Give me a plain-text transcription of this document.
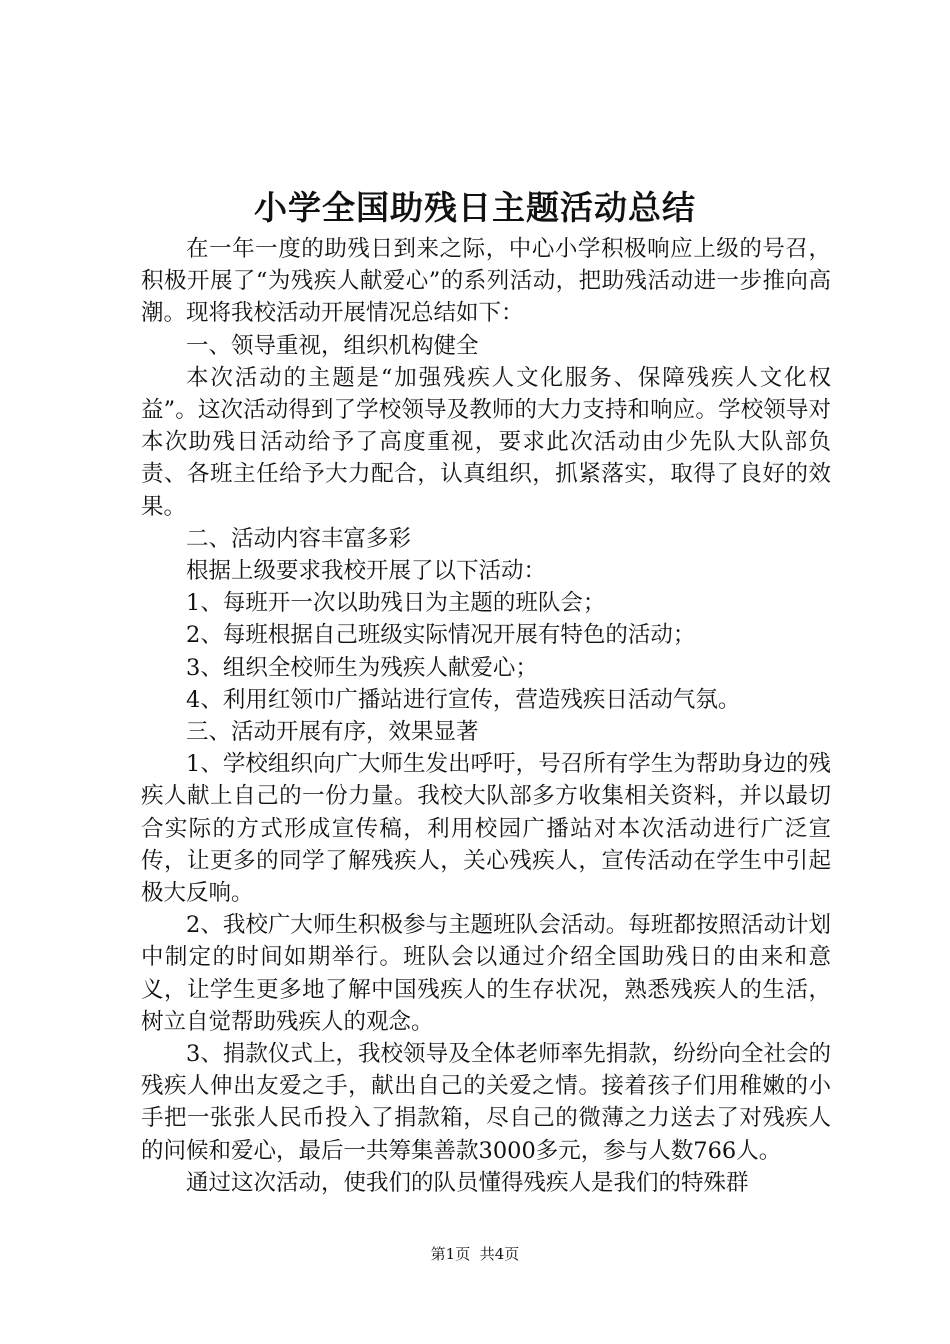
小学全国助残日主题活动总结

在一年一度的助残日到来之际，中心小学积极响应上级的号召，积极开展了“为残疾人献爱心”的系列活动，把助残活动进一步推向高潮。现将我校活动开展情况总结如下：

一、领导重视，组织机构健全

本次活动的主题是“加强残疾人文化服务、保障残疾人文化权益”。这次活动得到了学校领导及教师的大力支持和响应。学校领导对本次助残日活动给予了高度重视，要求此次活动由少先队大队部负责、各班主任给予大力配合，认真组织，抓紧落实，取得了良好的效果。

二、活动内容丰富多彩

根据上级要求我校开展了以下活动：

1、每班开一次以助残日为主题的班队会；

2、每班根据自己班级实际情况开展有特色的活动；

3、组织全校师生为残疾人献爱心；

4、利用红领巾广播站进行宣传，营造残疾日活动气氛。

三、活动开展有序，效果显著

1、学校组织向广大师生发出呼吁，号召所有学生为帮助身边的残疾人献上自己的一份力量。我校大队部多方收集相关资料，并以最切合实际的方式形成宣传稿，利用校园广播站对本次活动进行广泛宣传，让更多的同学了解残疾人，关心残疾人，宣传活动在学生中引起极大反响。

2、我校广大师生积极参与主题班队会活动。每班都按照活动计划中制定的时间如期举行。班队会以通过介绍全国助残日的由来和意义，让学生更多地了解中国残疾人的生存状况，熟悉残疾人的生活，树立自觉帮助残疾人的观念。

3、捐款仪式上，我校领导及全体老师率先捐款，纷纷向全社会的残疾人伸出友爱之手，献出自己的关爱之情。接着孩子们用稚嫩的小手把一张张人民币投入了捐款箱，尽自己的微薄之力送去了对残疾人的问候和爱心，最后一共筹集善款3000多元，参与人数766人。

通过这次活动，使我们的队员懂得残疾人是我们的特殊群

第1页 共4页
